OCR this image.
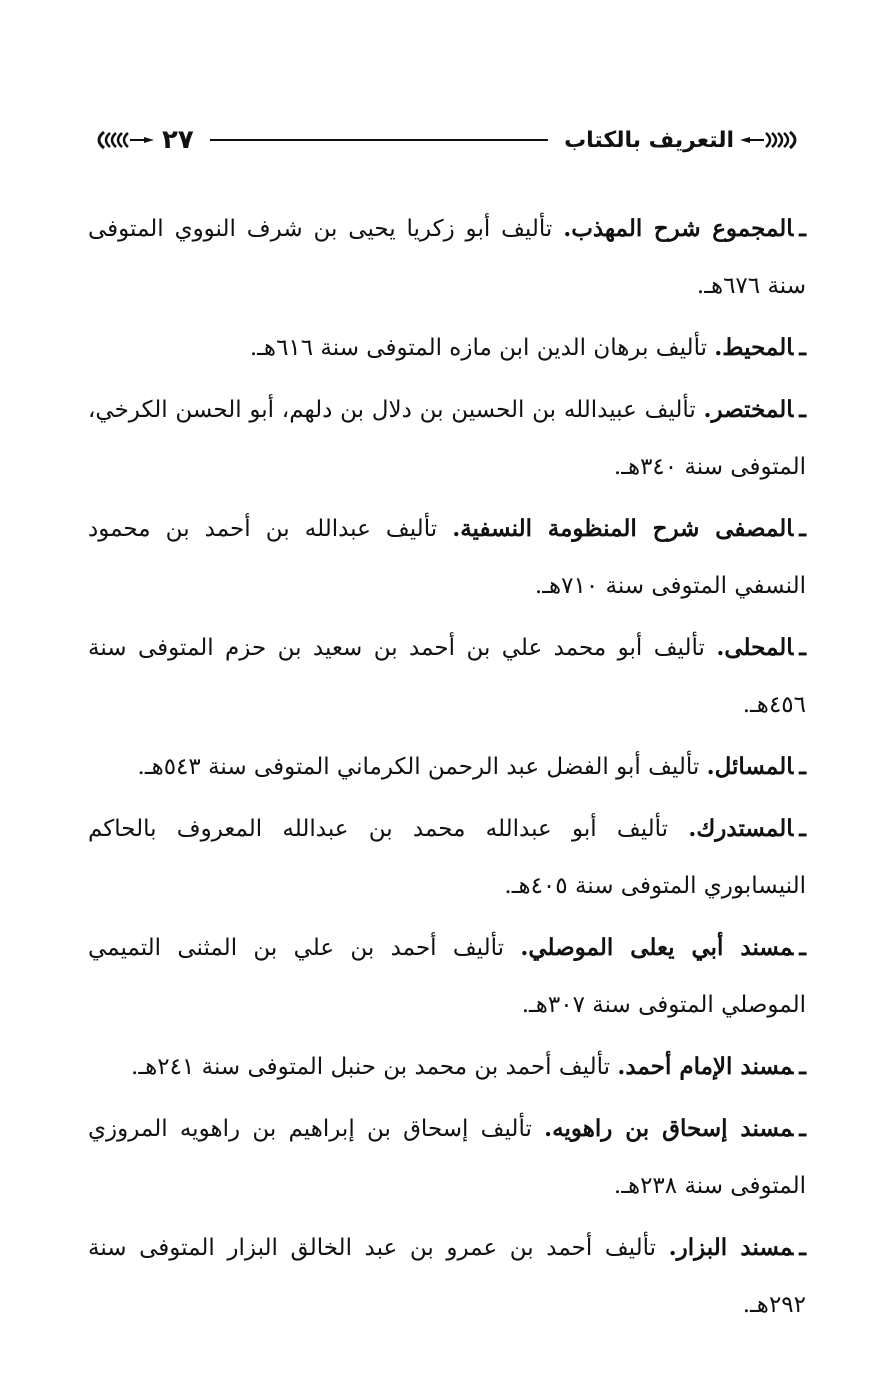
التعريف بالكتاب
٢٧

ـالمجموع شرح المهذب. تأليف أبو زكريا يحيى بن شرف النووي المتوفى سنة ٦٧٦هـ.

ـالمحيط. تأليف برهان الدين ابن مازه المتوفى سنة ٦١٦هـ.

ـالمختصر. تأليف عبيدالله بن الحسين بن دلال بن دلهم، أبو الحسن الكرخي، المتوفى سنة ٣٤٠هـ.

ـالمصفى شرح المنظومة النسفية. تأليف عبدالله بن أحمد بن محمود النسفي المتوفى سنة ٧١٠هـ.

ـالمحلى. تأليف أبو محمد علي بن أحمد بن سعيد بن حزم المتوفى سنة ٤٥٦هـ.

ـالمسائل. تأليف أبو الفضل عبد الرحمن الكرماني المتوفى سنة ٥٤٣هـ.

ـالمستدرك. تأليف أبو عبدالله محمد بن عبدالله المعروف بالحاكم النيسابوري المتوفى سنة ٤٠٥هـ.

ـمسند أبي يعلى الموصلي. تأليف أحمد بن علي بن المثنى التميمي الموصلي المتوفى سنة ٣٠٧هـ.

ـمسند الإمام أحمد. تأليف أحمد بن محمد بن حنبل المتوفى سنة ٢٤١هـ.

ـمسند إسحاق بن راهويه. تأليف إسحاق بن إبراهيم بن راهويه المروزي المتوفى سنة ٢٣٨هـ.

ـمسند البزار. تأليف أحمد بن عمرو بن عبد الخالق البزار المتوفى سنة ٢٩٢هـ.
